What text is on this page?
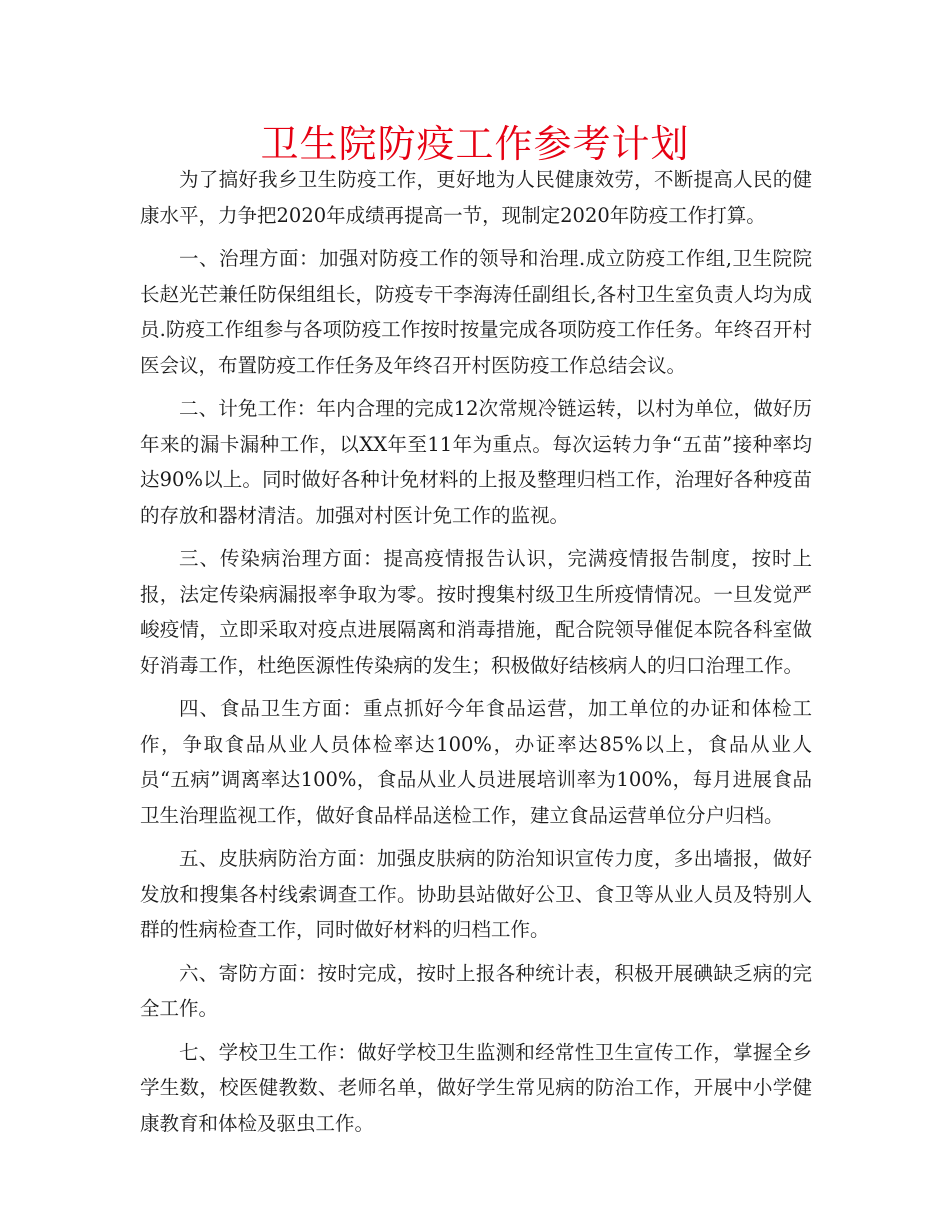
卫生院防疫工作参考计划

为了搞好我乡卫生防疫工作，更好地为人民健康效劳，不断提高人民的健康水平，力争把2020年成绩再提高一节，现制定2020年防疫工作打算。

一、治理方面：加强对防疫工作的领导和治理.成立防疫工作组,卫生院院长赵光芒兼任防保组组长，防疫专干李海涛任副组长,各村卫生室负责人均为成员.防疫工作组参与各项防疫工作按时按量完成各项防疫工作任务。年终召开村医会议，布置防疫工作任务及年终召开村医防疫工作总结会议。

二、计免工作：年内合理的完成12次常规冷链运转，以村为单位，做好历年来的漏卡漏种工作，以XX年至11年为重点。每次运转力争“五苗”接种率均达90%以上。同时做好各种计免材料的上报及整理归档工作，治理好各种疫苗的存放和器材清洁。加强对村医计免工作的监视。

三、传染病治理方面：提高疫情报告认识，完满疫情报告制度，按时上报，法定传染病漏报率争取为零。按时搜集村级卫生所疫情情况。一旦发觉严峻疫情，立即采取对疫点进展隔离和消毒措施，配合院领导催促本院各科室做好消毒工作，杜绝医源性传染病的发生；积极做好结核病人的归口治理工作。

四、食品卫生方面：重点抓好今年食品运营，加工单位的办证和体检工作，争取食品从业人员体检率达100%，办证率达85%以上，食品从业人员“五病”调离率达100%，食品从业人员进展培训率为100%，每月进展食品卫生治理监视工作，做好食品样品送检工作，建立食品运营单位分户归档。

五、皮肤病防治方面：加强皮肤病的防治知识宣传力度，多出墙报，做好发放和搜集各村线索调查工作。协助县站做好公卫、食卫等从业人员及特别人群的性病检查工作，同时做好材料的归档工作。

六、寄防方面：按时完成，按时上报各种统计表，积极开展碘缺乏病的完全工作。

七、学校卫生工作：做好学校卫生监测和经常性卫生宣传工作，掌握全乡学生数，校医健教数、老师名单，做好学生常见病的防治工作，开展中小学健康教育和体检及驱虫工作。
